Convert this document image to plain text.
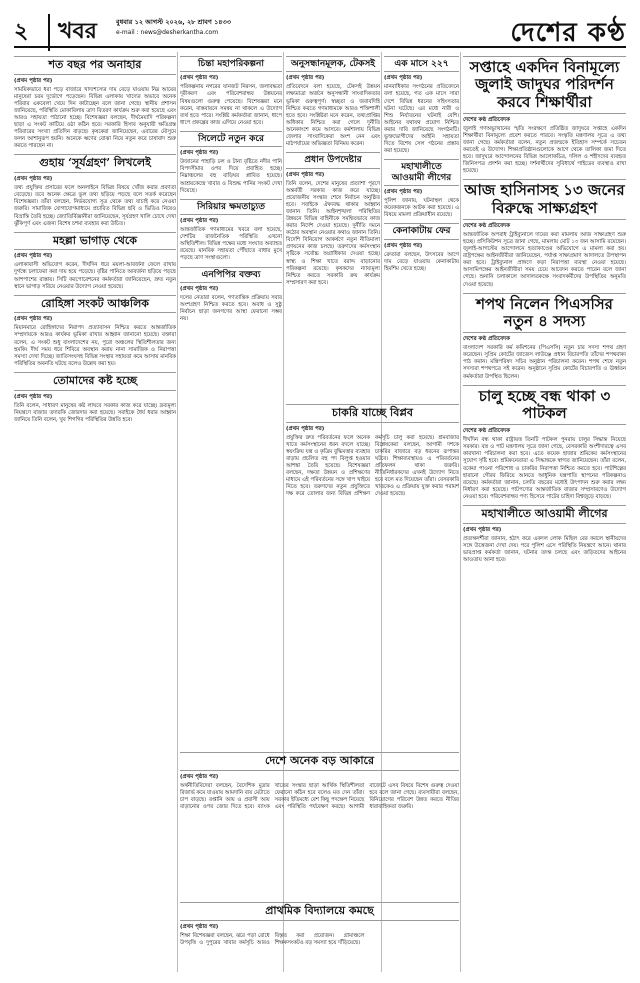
২	খবর	বুধবার ১২ আগস্ট ২০২৬, ২৮ শ্রাবণ ১৪৩৩
e-mail : news@desherkantha.com	দেশের কণ্ঠ
শত বছর পর অনাহার
(প্রথম পৃষ্ঠার পর)

সাময়িকভাবে ধরা পড়ে বাজারে খাদ্যশস্যের দাম বেড়ে যাওয়ায় নিম্ন আয়ের মানুষেরা চরম দুর্ভোগে পড়েছেন। বিভিন্ন এলাকায় খাদ্যের অভাবে অনেক পরিবার একবেলা খেয়ে দিন কাটাচ্ছেন বলে জানা গেছে। স্থানীয় প্রশাসন জানিয়েছে, পরিস্থিতি মোকাবিলায় ত্রাণ বিতরণ কার্যক্রম শুরু করা হয়েছে এবং আরও সহায়তা পাঠানো হচ্ছে। বিশেষজ্ঞরা বলছেন, দীর্ঘমেয়াদি পরিকল্পনা ছাড়া এ সংকট কাটিয়ে ওঠা কঠিন হবে। সরকারি হিসাব অনুযায়ী ক্ষতিগ্রস্ত পরিবারের সংখ্যা প্রতিদিন বাড়ছে। কৃষকেরা জানিয়েছেন, এবারের মৌসুমে ফলন আশানুরূপ হয়নি। অনেকে ঋণের বোঝা নিয়ে নতুন করে চাষাবাদ শুরু করতে পারছেন না।

গুহায় ‘সূর্যগ্রহণ’ লিখলেই
(প্রথম পৃষ্ঠার পর)

তথ্য প্রযুক্তির প্রসারের ফলে অনলাইনে বিভিন্ন বিষয়ে খোঁজ করার প্রবণতা বেড়েছে। তবে অনেক ক্ষেত্রে ভুল তথ্য ছড়িয়ে পড়ছে বলে সতর্ক করেছেন বিশেষজ্ঞরা। তাঁরা বলছেন, নির্ভরযোগ্য সূত্র থেকে তথ্য যাচাই করে নেওয়া জরুরি। সামাজিক যোগাযোগমাধ্যমে প্রচারিত বিভিন্ন ছবি ও ভিডিও নিয়েও বিভ্রান্তি তৈরি হচ্ছে। জ্যোতির্বিজ্ঞানীরা জানিয়েছেন, সূর্যগ্রহণ খালি চোখে দেখা ঝুঁকিপূর্ণ এবং এজন্য বিশেষ চশমা ব্যবহার করা উচিত।

মহল্লা ভাগাড় থেকে
(প্রথম পৃষ্ঠার পর)

এলাকাবাসী অভিযোগ করেন, দীর্ঘদিন ধরে ময়লা-আবর্জনা ফেলে রাখায় দুর্গন্ধে চলাফেরা করা দায় হয়ে পড়েছে। বৃষ্টির পানিতে আবর্জনা ছড়িয়ে পড়ছে আশপাশের রাস্তায়। সিটি করপোরেশনের কর্মকর্তারা জানিয়েছেন, দ্রুত নতুন স্থানে ভাগাড় সরিয়ে নেওয়ার উদ্যোগ নেওয়া হয়েছে।

রোহিঙ্গা সংকট আঞ্চলিক
(প্রথম পৃষ্ঠার পর)

মিয়ানমারে রোহিঙ্গাদের নিরাপদ প্রত্যাবাসন নিশ্চিত করতে আন্তর্জাতিক সম্প্রদায়কে আরও কার্যকর ভূমিকা রাখার আহ্বান জানানো হয়েছে। বক্তারা বলেন, এ সংকট শুধু বাংলাদেশের নয়, পুরো অঞ্চলের স্থিতিশীলতার জন্য হুমকি। দীর্ঘ সময় ধরে শিবিরে অবস্থান করায় নানা সামাজিক ও নিরাপত্তা সমস্যা দেখা দিচ্ছে। জাতিসংঘসহ বিভিন্ন সংস্থার সহায়তা কমে আসায় মানবিক পরিস্থিতির অবনতি ঘটছে বলেও উল্লেখ করা হয়।

তোমাদের কষ্ট হচ্ছে
(প্রথম পৃষ্ঠার পর)

তিনি বলেন, সাধারণ মানুষের কষ্ট লাঘবে সরকার কাজ করে যাচ্ছে। দ্রব্যমূল্য নিয়ন্ত্রণে বাজার তদারকি জোরদার করা হয়েছে। সবাইকে ধৈর্য ধরার আহ্বান জানিয়ে তিনি বলেন, খুব শিগগির পরিস্থিতির উন্নতি হবে।

চিন্তা মহাপরিকল্পনা
(প্রথম পৃষ্ঠার পর)

পরিকল্পনায় নগরের যানজট নিরসন, জলাবদ্ধতা দূরীকরণ এবং পরিবেশবান্ধব উন্নয়নের বিষয়গুলো গুরুত্ব পেয়েছে। বিশেষজ্ঞরা মনে করেন, বাস্তবায়নে সমন্বয় না থাকলে এ উদ্যোগ ব্যর্থ হতে পারে। সংশ্লিষ্ট কর্মকর্তারা জানান, ধাপে ধাপে প্রকল্পের কাজ এগিয়ে নেওয়া হবে।

সিলেটে নতুন করে
(প্রথম পৃষ্ঠার পর)

উজানের পাহাড়ি ঢল ও টানা বৃষ্টিতে নদীর পানি বিপদসীমার ওপর দিয়ে প্রবাহিত হচ্ছে। নিম্নাঞ্চলের বহু বাড়িঘর প্লাবিত হয়েছে। আশ্রয়কেন্দ্রে খাবার ও বিশুদ্ধ পানির সংকট দেখা দিয়েছে।

সিরিয়ার ক্ষমতাচ্যুত
(প্রথম পৃষ্ঠার পর)

আন্তর্জাতিক গণমাধ্যমের খবরে বলা হয়েছে, দেশটির রাজনৈতিক পরিস্থিতি এখনো অস্থিতিশীল। বিভিন্ন পক্ষের মধ্যে সংঘাত অব্যাহত রয়েছে। মানবিক সহায়তা পৌঁছাতে বাধার মুখে পড়ছে ত্রাণ সংস্থাগুলো।

এনপিপির বক্তব্য
(প্রথম পৃষ্ঠার পর)

দলের নেতারা বলেন, গণতান্ত্রিক প্রক্রিয়ায় সবার অংশগ্রহণ নিশ্চিত করতে হবে। অবাধ ও সুষ্ঠু নির্বাচন ছাড়া জনগণের আস্থা ফেরানো সম্ভব নয়।

অনুসন্ধানমূলক, টেকসই
(প্রথম পৃষ্ঠার পর)

প্রতিবেদনে বলা হয়েছে, টেকসই উন্নয়ন লক্ষ্যমাত্রা অর্জনে অনুসন্ধানী সাংবাদিকতার ভূমিকা গুরুত্বপূর্ণ। স্বচ্ছতা ও জবাবদিহি নিশ্চিত করতে গণমাধ্যমকে আরও শক্তিশালী হতে হবে। সংশ্লিষ্টরা মনে করেন, তথ্যপ্রাপ্তির অধিকার নিশ্চিত করা গেলে দুর্নীতি অনেকাংশে কমে আসবে। কর্মশালায় বিভিন্ন জেলার সাংবাদিকেরা অংশ নেন এবং মাঠপর্যায়ের অভিজ্ঞতা বিনিময় করেন।

প্রধান উপদেষ্টার
(প্রথম পৃষ্ঠার পর)

তিনি বলেন, দেশের মানুষের প্রত্যাশা পূরণে অন্তর্বর্তী সরকার কাজ করে যাচ্ছে। প্রয়োজনীয় সংস্কার শেষে নির্বাচন অনুষ্ঠিত হবে। সবাইকে ঐক্যবদ্ধ থাকার আহ্বান জানান তিনি। আইনশৃঙ্খলা পরিস্থিতির উন্নয়নে বিভিন্ন বাহিনীকে সমন্বিতভাবে কাজ করার নির্দেশ দেওয়া হয়েছে। দুর্নীতি দমনে কঠোর অবস্থান নেওয়ার কথাও জানান তিনি। বিদেশি বিনিয়োগ আকর্ষণে নতুন নীতিমালা প্রণয়নের কাজ চলছে। তরুণদের কর্মসংস্থান সৃষ্টিকে সর্বোচ্চ অগ্রাধিকার দেওয়া হচ্ছে। স্বাস্থ্য ও শিক্ষা খাতে বরাদ্দ বাড়ানোর পরিকল্পনা রয়েছে। কৃষকদের ন্যায্যমূল্য নিশ্চিত করতে সরকারি ক্রয় কার্যক্রম সম্প্রসারণ করা হবে।

এক মাসে ২২৭
(প্রথম পৃষ্ঠার পর)

মানবাধিকার সংগঠনের প্রতিবেদনে বলা হয়েছে, গত এক মাসে সারা দেশে বিভিন্ন ধরনের সহিংসতার ঘটনা ঘটেছে। এর মধ্যে নারী ও শিশু নির্যাতনের ঘটনাই বেশি। আইনের যথাযথ প্রয়োগ নিশ্চিত করার দাবি জানিয়েছে সংগঠনটি। ভুক্তভোগীদের আইনি সহায়তা দিতে বিশেষ সেল গঠনের প্রস্তাব করা হয়েছে।

মহাখালীতে আওয়ামী লীগের
(প্রথম পৃষ্ঠার পর)

পুলিশ জানায়, ঘটনাস্থল থেকে কয়েকজনকে আটক করা হয়েছে। এ বিষয়ে মামলা প্রক্রিয়াধীন রয়েছে।

কেনাকাটায় ফের
(প্রথম পৃষ্ঠার পর)

ক্রেতারা বলছেন, উৎসবের আগে দাম বেড়ে যাওয়ায় কেনাকাটায় হিমশিম খেতে হচ্ছে।

চাকরি যাচ্ছে বিপ্লব
(প্রথম পৃষ্ঠার পর)

প্রযুক্তির দ্রুত পরিবর্তনের ফলে অনেক খাতে কর্মসংস্থানের ধরন বদলে যাচ্ছে। স্বয়ংক্রিয় যন্ত্র ও কৃত্রিম বুদ্ধিমত্তার ব্যবহার বাড়ায় প্রচলিত বহু পদ বিলুপ্ত হওয়ার আশঙ্কা তৈরি হয়েছে। বিশেষজ্ঞরা বলছেন, দক্ষতা উন্নয়ন ও প্রশিক্ষণের মাধ্যমে এই পরিবর্তনের সঙ্গে খাপ খাইয়ে নিতে হবে। তরুণদের নতুন প্রযুক্তিতে দক্ষ করে তোলার জন্য বিভিন্ন প্রশিক্ষণ কর্মসূচি চালু করা হয়েছে। শ্রমবাজার বিশ্লেষকেরা বলছেন, আগামী দশকে চাকরির বাজারে বড় ধরনের রূপান্তর ঘটবে। শিক্ষাব্যবস্থায়ও এ পরিবর্তনের প্রতিফলন থাকা জরুরি। নীতিনির্ধারকদের এখনই উদ্যোগ নিতে হবে বলে মত দিয়েছেন তাঁরা। বেসরকারি খাতকেও এ প্রক্রিয়ায় যুক্ত করার পরামর্শ দেওয়া হয়েছে।

দেশে অনেক বড় আকারে
(প্রথম পৃষ্ঠার পর)

অর্থনীতিবিদেরা বলছেন, বৈদেশিক মুদ্রার রিজার্ভ কমে যাওয়ায় আমদানি ব্যয় মেটাতে চাপ বাড়ছে। রপ্তানি আয় ও প্রবাসী আয় বাড়ানোর ওপর জোর দিতে হবে। ব্যাংক খাতের সংস্কার ছাড়া আর্থিক স্থিতিশীলতা ফেরানো কঠিন হবে বলেও মত দেন তাঁরা। সরকার ইতিমধ্যে বেশ কিছু পদক্ষেপ নিয়েছে এবং পরিস্থিতি পর্যবেক্ষণ করছে। আগামী বাজেটে এসব বিষয়ে বিশেষ গুরুত্ব দেওয়া হবে বলে জানা গেছে। ব্যবসায়ীরা বলছেন, বিনিয়োগের পরিবেশ উন্নত করতে নীতির ধারাবাহিকতা জরুরি।

প্রাথমিক বিদ্যালয়ে কমছে
(প্রথম পৃষ্ঠার পর)

শিক্ষা বিশেষজ্ঞরা বলছেন, ঝরে পড়া রোধে উপবৃত্তি ও দুপুরের খাবার কর্মসূচি আরও বিস্তৃত করা প্রয়োজন। গ্রামাঞ্চলে শিক্ষকসংকটও বড় সমস্যা হয়ে দাঁড়িয়েছে।

সপ্তাহে একদিন বিনামূল্যে জুলাই জাদুঘর পরিদর্শন করবে শিক্ষার্থীরা
দেশের কণ্ঠ প্রতিবেদক

জুলাই গণঅভ্যুত্থানের স্মৃতি সংরক্ষণে প্রতিষ্ঠিত জাদুঘরে সপ্তাহে একদিন শিক্ষার্থীরা বিনামূল্যে প্রবেশ করতে পারবে। সংস্কৃতি মন্ত্রণালয় সূত্রে এ তথ্য জানা গেছে। কর্মকর্তারা বলেন, নতুন প্রজন্মকে ইতিহাস সম্পর্কে সচেতন করতেই এ উদ্যোগ। শিক্ষাপ্রতিষ্ঠানগুলোকে আগে থেকে তালিকা জমা দিতে হবে। জাদুঘরে আন্দোলনের বিভিন্ন আলোকচিত্র, দলিল ও শহীদদের ব্যবহৃত জিনিসপত্র প্রদর্শন করা হচ্ছে। দর্শনার্থীদের সুবিধার্থে গাইডের ব্যবস্থাও রাখা হয়েছে।

আজ হাসিনাসহ ১৩ জনের বিরুদ্ধে সাক্ষ্যগ্রহণ
দেশের কণ্ঠ প্রতিবেদক

আন্তর্জাতিক অপরাধ ট্রাইব্যুনালে দায়ের করা মামলায় আজ সাক্ষ্যগ্রহণ শুরু হচ্ছে। প্রসিকিউশন সূত্রে জানা গেছে, মামলায় মোট ১৩ জন আসামি রয়েছেন। জুলাই-আগস্টের আন্দোলনে হত্যাকাণ্ডের অভিযোগে এ মামলা করা হয়। রাষ্ট্রপক্ষের আইনজীবীরা জানিয়েছেন, পর্যাপ্ত সাক্ষ্যপ্রমাণ আদালতে উপস্থাপন করা হবে। ট্রাইব্যুনাল প্রাঙ্গণে কড়া নিরাপত্তা ব্যবস্থা নেওয়া হয়েছে। আসামিপক্ষের আইনজীবীরা সময় চেয়ে আবেদন করতে পারেন বলে জানা গেছে। শুনানি চলাকালে আদালতকক্ষে সংবাদকর্মীদের উপস্থিতির অনুমতি দেওয়া হয়েছে।

শপথ নিলেন পিএসসির নতুন ৪ সদস্য
দেশের কণ্ঠ প্রতিবেদক

বাংলাদেশ সরকারি কর্ম কমিশনের (পিএসসি) নতুন চার সদস্য শপথ গ্রহণ করেছেন। সুপ্রিম কোর্টের জাজেস লাউঞ্জে প্রধান বিচারপতি তাঁদের শপথবাক্য পাঠ করান। মন্ত্রিপরিষদ সচিব অনুষ্ঠান পরিচালনা করেন। শপথ শেষে নতুন সদস্যরা শপথপত্রে সই করেন। অনুষ্ঠানে সুপ্রিম কোর্টের বিচারপতি ও ঊর্ধ্বতন কর্মকর্তারা উপস্থিত ছিলেন।

চালু হচ্ছে বন্ধ থাকা ৩ পাটকল
দেশের কণ্ঠ প্রতিবেদক

দীর্ঘদিন বন্ধ থাকা রাষ্ট্রায়ত্ত তিনটি পাটকল পুনরায় চালুর সিদ্ধান্ত নিয়েছে সরকার। বস্ত্র ও পাট মন্ত্রণালয় সূত্রে জানা গেছে, বেসরকারি অংশীদারত্বে এসব কারখানা পরিচালনা করা হবে। এতে কয়েক হাজার শ্রমিকের কর্মসংস্থানের সুযোগ সৃষ্টি হবে। শ্রমিকনেতারা এ সিদ্ধান্তকে স্বাগত জানিয়েছেন। তাঁরা বলেন, বকেয়া পাওনা পরিশোধ ও চাকরির নিরাপত্তা নিশ্চিত করতে হবে। পাটশিল্পের হারানো গৌরব ফিরিয়ে আনতে আধুনিক যন্ত্রপাতি স্থাপনের পরিকল্পনাও রয়েছে। কর্মকর্তারা জানান, চলতি বছরের মধ্যেই উৎপাদন শুরু করার লক্ষ্য নির্ধারণ করা হয়েছে। পাটপণ্যের আন্তর্জাতিক বাজার সম্প্রসারণেও উদ্যোগ নেওয়া হবে। পরিবেশবান্ধব পণ্য হিসেবে পাটের চাহিদা বিশ্বজুড়ে বাড়ছে।

মহাখালীতে আওয়ামী লীগের
(প্রথম পৃষ্ঠার পর)

প্রত্যক্ষদর্শীরা জানান, হঠাৎ করে একদল লোক মিছিল বের করলে স্থানীয়দের সঙ্গে উত্তেজনা দেখা দেয়। পরে পুলিশ এসে পরিস্থিতি নিয়ন্ত্রণে আনে। থানার ভারপ্রাপ্ত কর্মকর্তা জানান, ঘটনার তদন্ত চলছে এবং জড়িতদের আইনের আওতায় আনা হবে।
